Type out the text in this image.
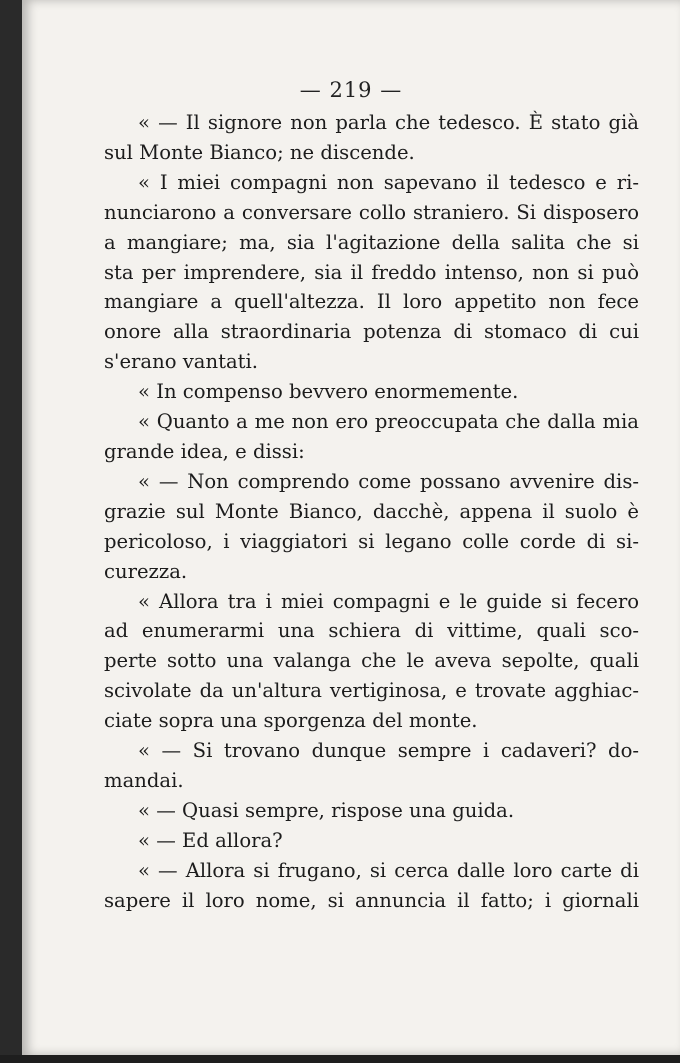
— 219 —
« — Il signore non parla che tedesco. È stato già
sul Monte Bianco; ne discende.
« I miei compagni non sapevano il tedesco e ri-
nunciarono a conversare collo straniero. Si disposero
a mangiare; ma, sia l'agitazione della salita che si
sta per imprendere, sia il freddo intenso, non si può
mangiare a quell'altezza. Il loro appetito non fece
onore alla straordinaria potenza di stomaco di cui
s'erano vantati.
« In compenso bevvero enormemente.
« Quanto a me non ero preoccupata che dalla mia
grande idea, e dissi:
« — Non comprendo come possano avvenire dis-
grazie sul Monte Bianco, dacchè, appena il suolo è
pericoloso, i viaggiatori si legano colle corde di si-
curezza.
« Allora tra i miei compagni e le guide si fecero
ad enumerarmi una schiera di vittime, quali sco-
perte sotto una valanga che le aveva sepolte, quali
scivolate da un'altura vertiginosa, e trovate agghiac-
ciate sopra una sporgenza del monte.
« — Si trovano dunque sempre i cadaveri? do-
mandai.
« — Quasi sempre, rispose una guida.
« — Ed allora?
« — Allora si frugano, si cerca dalle loro carte di
sapere il loro nome, si annuncia il fatto; i giornali
